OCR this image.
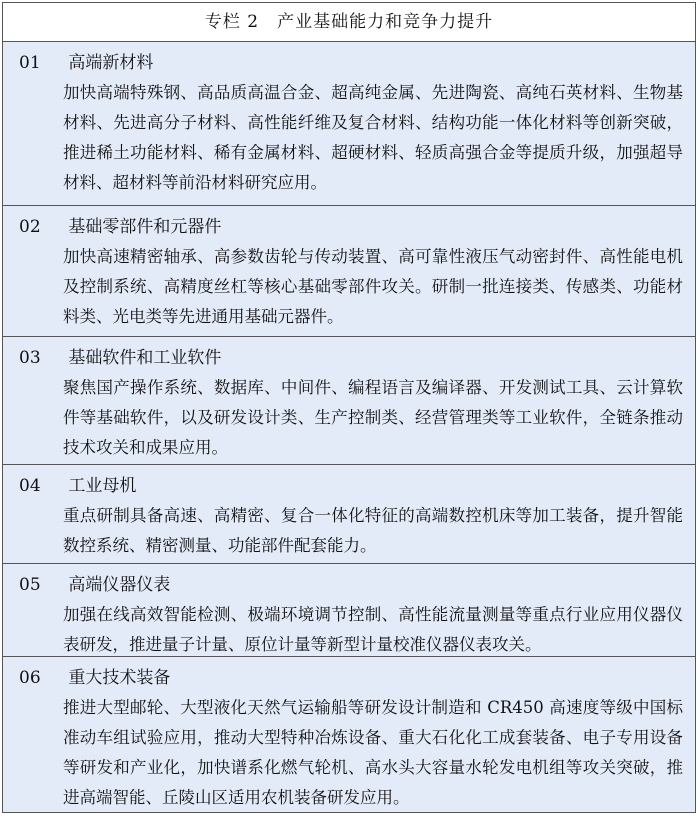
专栏 2　产业基础能力和竞争力提升
01 高端新材料
加快高端特殊钢、高品质高温合金、超高纯金属、先进陶瓷、高纯石英材料、生物基材料、先进高分子材料、高性能纤维及复合材料、结构功能一体化材料等创新突破，推进稀土功能材料、稀有金属材料、超硬材料、轻质高强合金等提质升级，加强超导材料、超材料等前沿材料研究应用。
02 基础零部件和元器件
加快高速精密轴承、高参数齿轮与传动装置、高可靠性液压气动密封件、高性能电机及控制系统、高精度丝杠等核心基础零部件攻关。研制一批连接类、传感类、功能材料类、光电类等先进通用基础元器件。
03 基础软件和工业软件
聚焦国产操作系统、数据库、中间件、编程语言及编译器、开发测试工具、云计算软件等基础软件，以及研发设计类、生产控制类、经营管理类等工业软件，全链条推动技术攻关和成果应用。
04 工业母机
重点研制具备高速、高精密、复合一体化特征的高端数控机床等加工装备，提升智能数控系统、精密测量、功能部件配套能力。
05 高端仪器仪表
加强在线高效智能检测、极端环境调节控制、高性能流量测量等重点行业应用仪器仪表研发，推进量子计量、原位计量等新型计量校准仪器仪表攻关。
06 重大技术装备
推进大型邮轮、大型液化天然气运输船等研发设计制造和 CR450 高速度等级中国标准动车组试验应用，推动大型特种冶炼设备、重大石化化工成套装备、电子专用设备等研发和产业化，加快谱系化燃气轮机、高水头大容量水轮发电机组等攻关突破，推进高端智能、丘陵山区适用农机装备研发应用。
